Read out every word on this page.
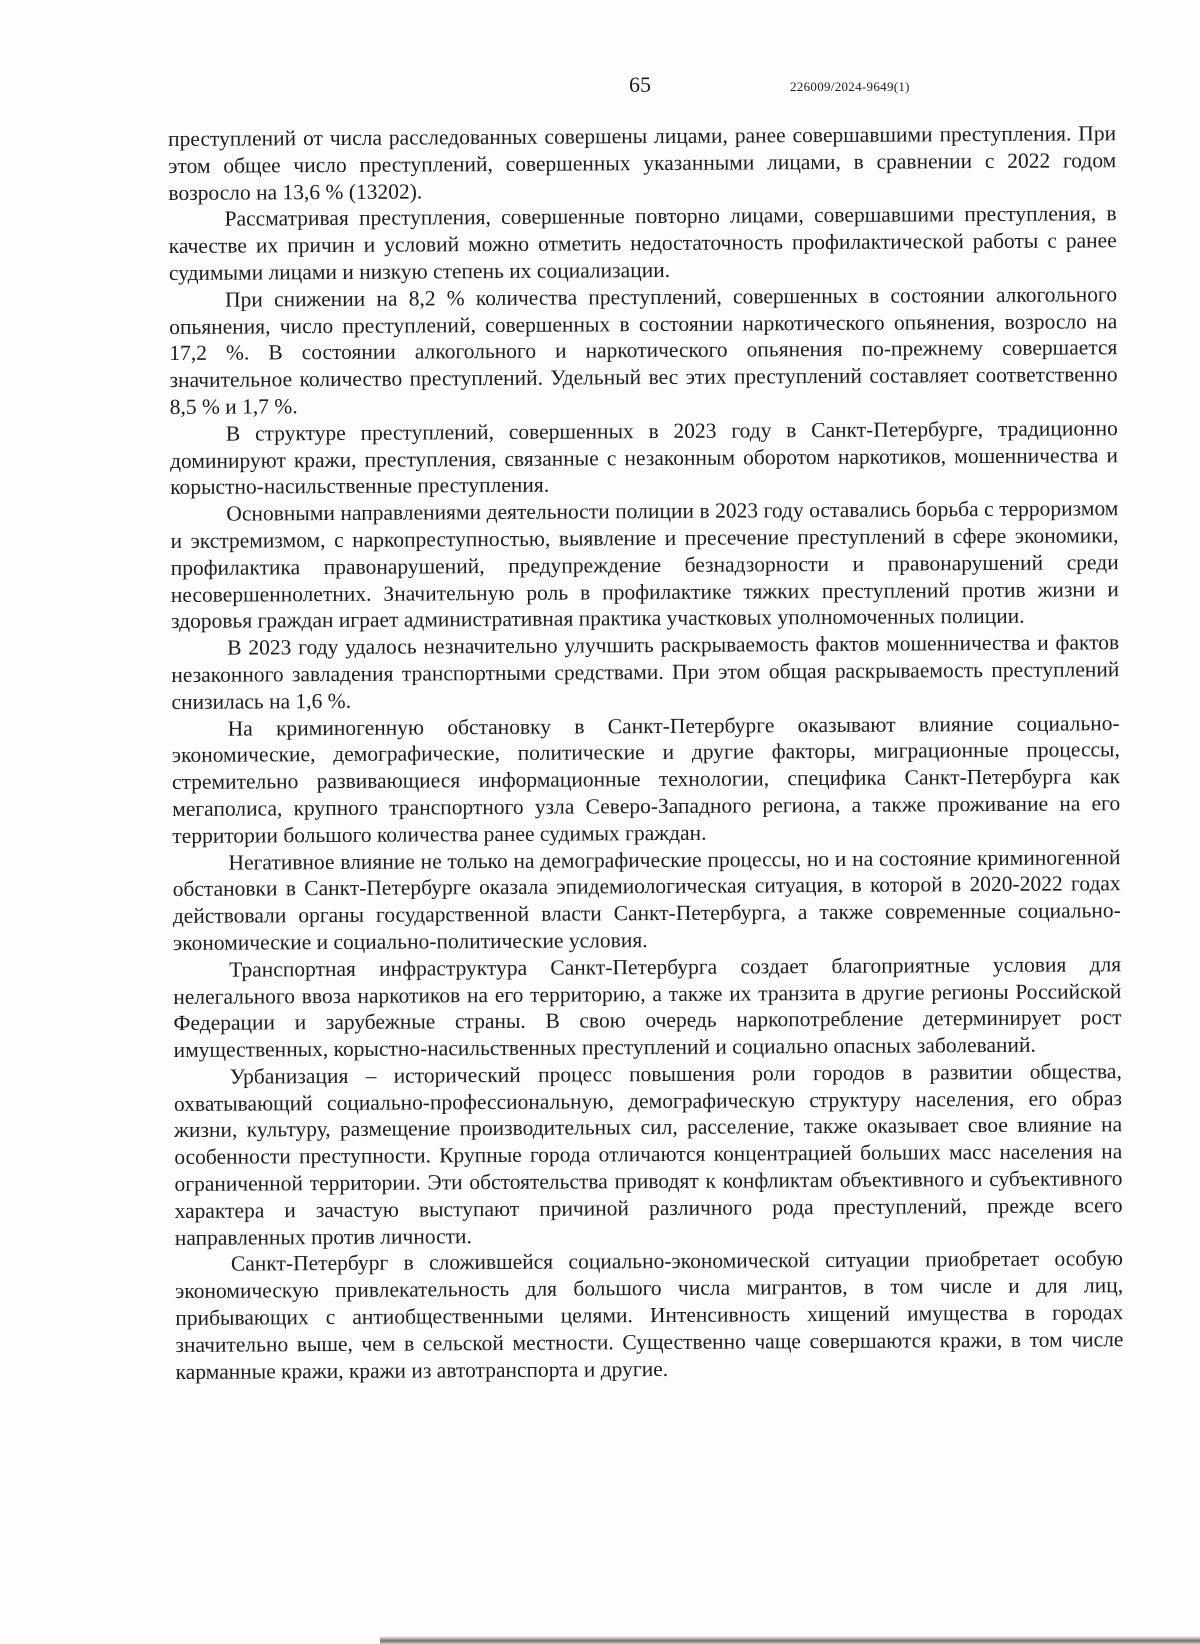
65	226009/2024-9649(1)

преступлений от числа расследованных совершены лицами, ранее совершавшими преступления. При этом общее число преступлений, совершенных указанными лицами, в сравнении с 2022 годом возросло на 13,6 % (13202).

Рассматривая преступления, совершенные повторно лицами, совершавшими преступления, в качестве их причин и условий можно отметить недостаточность профилактической работы с ранее судимыми лицами и низкую степень их социализации.

При снижении на 8,2 % количества преступлений, совершенных в состоянии алкогольного опьянения, число преступлений, совершенных в состоянии наркотического опьянения, возросло на 17,2 %. В состоянии алкогольного и наркотического опьянения по-прежнему совершается значительное количество преступлений. Удельный вес этих преступлений составляет соответственно 8,5 % и 1,7 %.

В структуре преступлений, совершенных в 2023 году в Санкт-Петербурге, традиционно доминируют кражи, преступления, связанные с незаконным оборотом наркотиков, мошенничества и корыстно-насильственные преступления.

Основными направлениями деятельности полиции в 2023 году оставались борьба с терроризмом и экстремизмом, с наркопреступностью, выявление и пресечение преступлений в сфере экономики, профилактика правонарушений, предупреждение безнадзорности и правонарушений среди несовершеннолетних. Значительную роль в профилактике тяжких преступлений против жизни и здоровья граждан играет административная практика участковых уполномоченных полиции.

В 2023 году удалось незначительно улучшить раскрываемость фактов мошенничества и фактов незаконного завладения транспортными средствами. При этом общая раскрываемость преступлений снизилась на 1,6 %.

На криминогенную обстановку в Санкт-Петербурге оказывают влияние социально-экономические, демографические, политические и другие факторы, миграционные процессы, стремительно развивающиеся информационные технологии, специфика Санкт-Петербурга как мегаполиса, крупного транспортного узла Северо-Западного региона, а также проживание на его территории большого количества ранее судимых граждан.

Негативное влияние не только на демографические процессы, но и на состояние криминогенной обстановки в Санкт-Петербурге оказала эпидемиологическая ситуация, в которой в 2020-2022 годах действовали органы государственной власти Санкт-Петербурга, а также современные социально-экономические и социально-политические условия.

Транспортная инфраструктура Санкт-Петербурга создает благоприятные условия для нелегального ввоза наркотиков на его территорию, а также их транзита в другие регионы Российской Федерации и зарубежные страны. В свою очередь наркопотребление детерминирует рост имущественных, корыстно-насильственных преступлений и социально опасных заболеваний.

Урбанизация – исторический процесс повышения роли городов в развитии общества, охватывающий социально-профессиональную, демографическую структуру населения, его образ жизни, культуру, размещение производительных сил, расселение, также оказывает свое влияние на особенности преступности. Крупные города отличаются концентрацией больших масс населения на ограниченной территории. Эти обстоятельства приводят к конфликтам объективного и субъективного характера и зачастую выступают причиной различного рода преступлений, прежде всего направленных против личности.

Санкт-Петербург в сложившейся социально-экономической ситуации приобретает особую экономическую привлекательность для большого числа мигрантов, в том числе и для лиц, прибывающих с антиобщественными целями. Интенсивность хищений имущества в городах значительно выше, чем в сельской местности. Существенно чаще совершаются кражи, в том числе карманные кражи, кражи из автотранспорта и другие.
